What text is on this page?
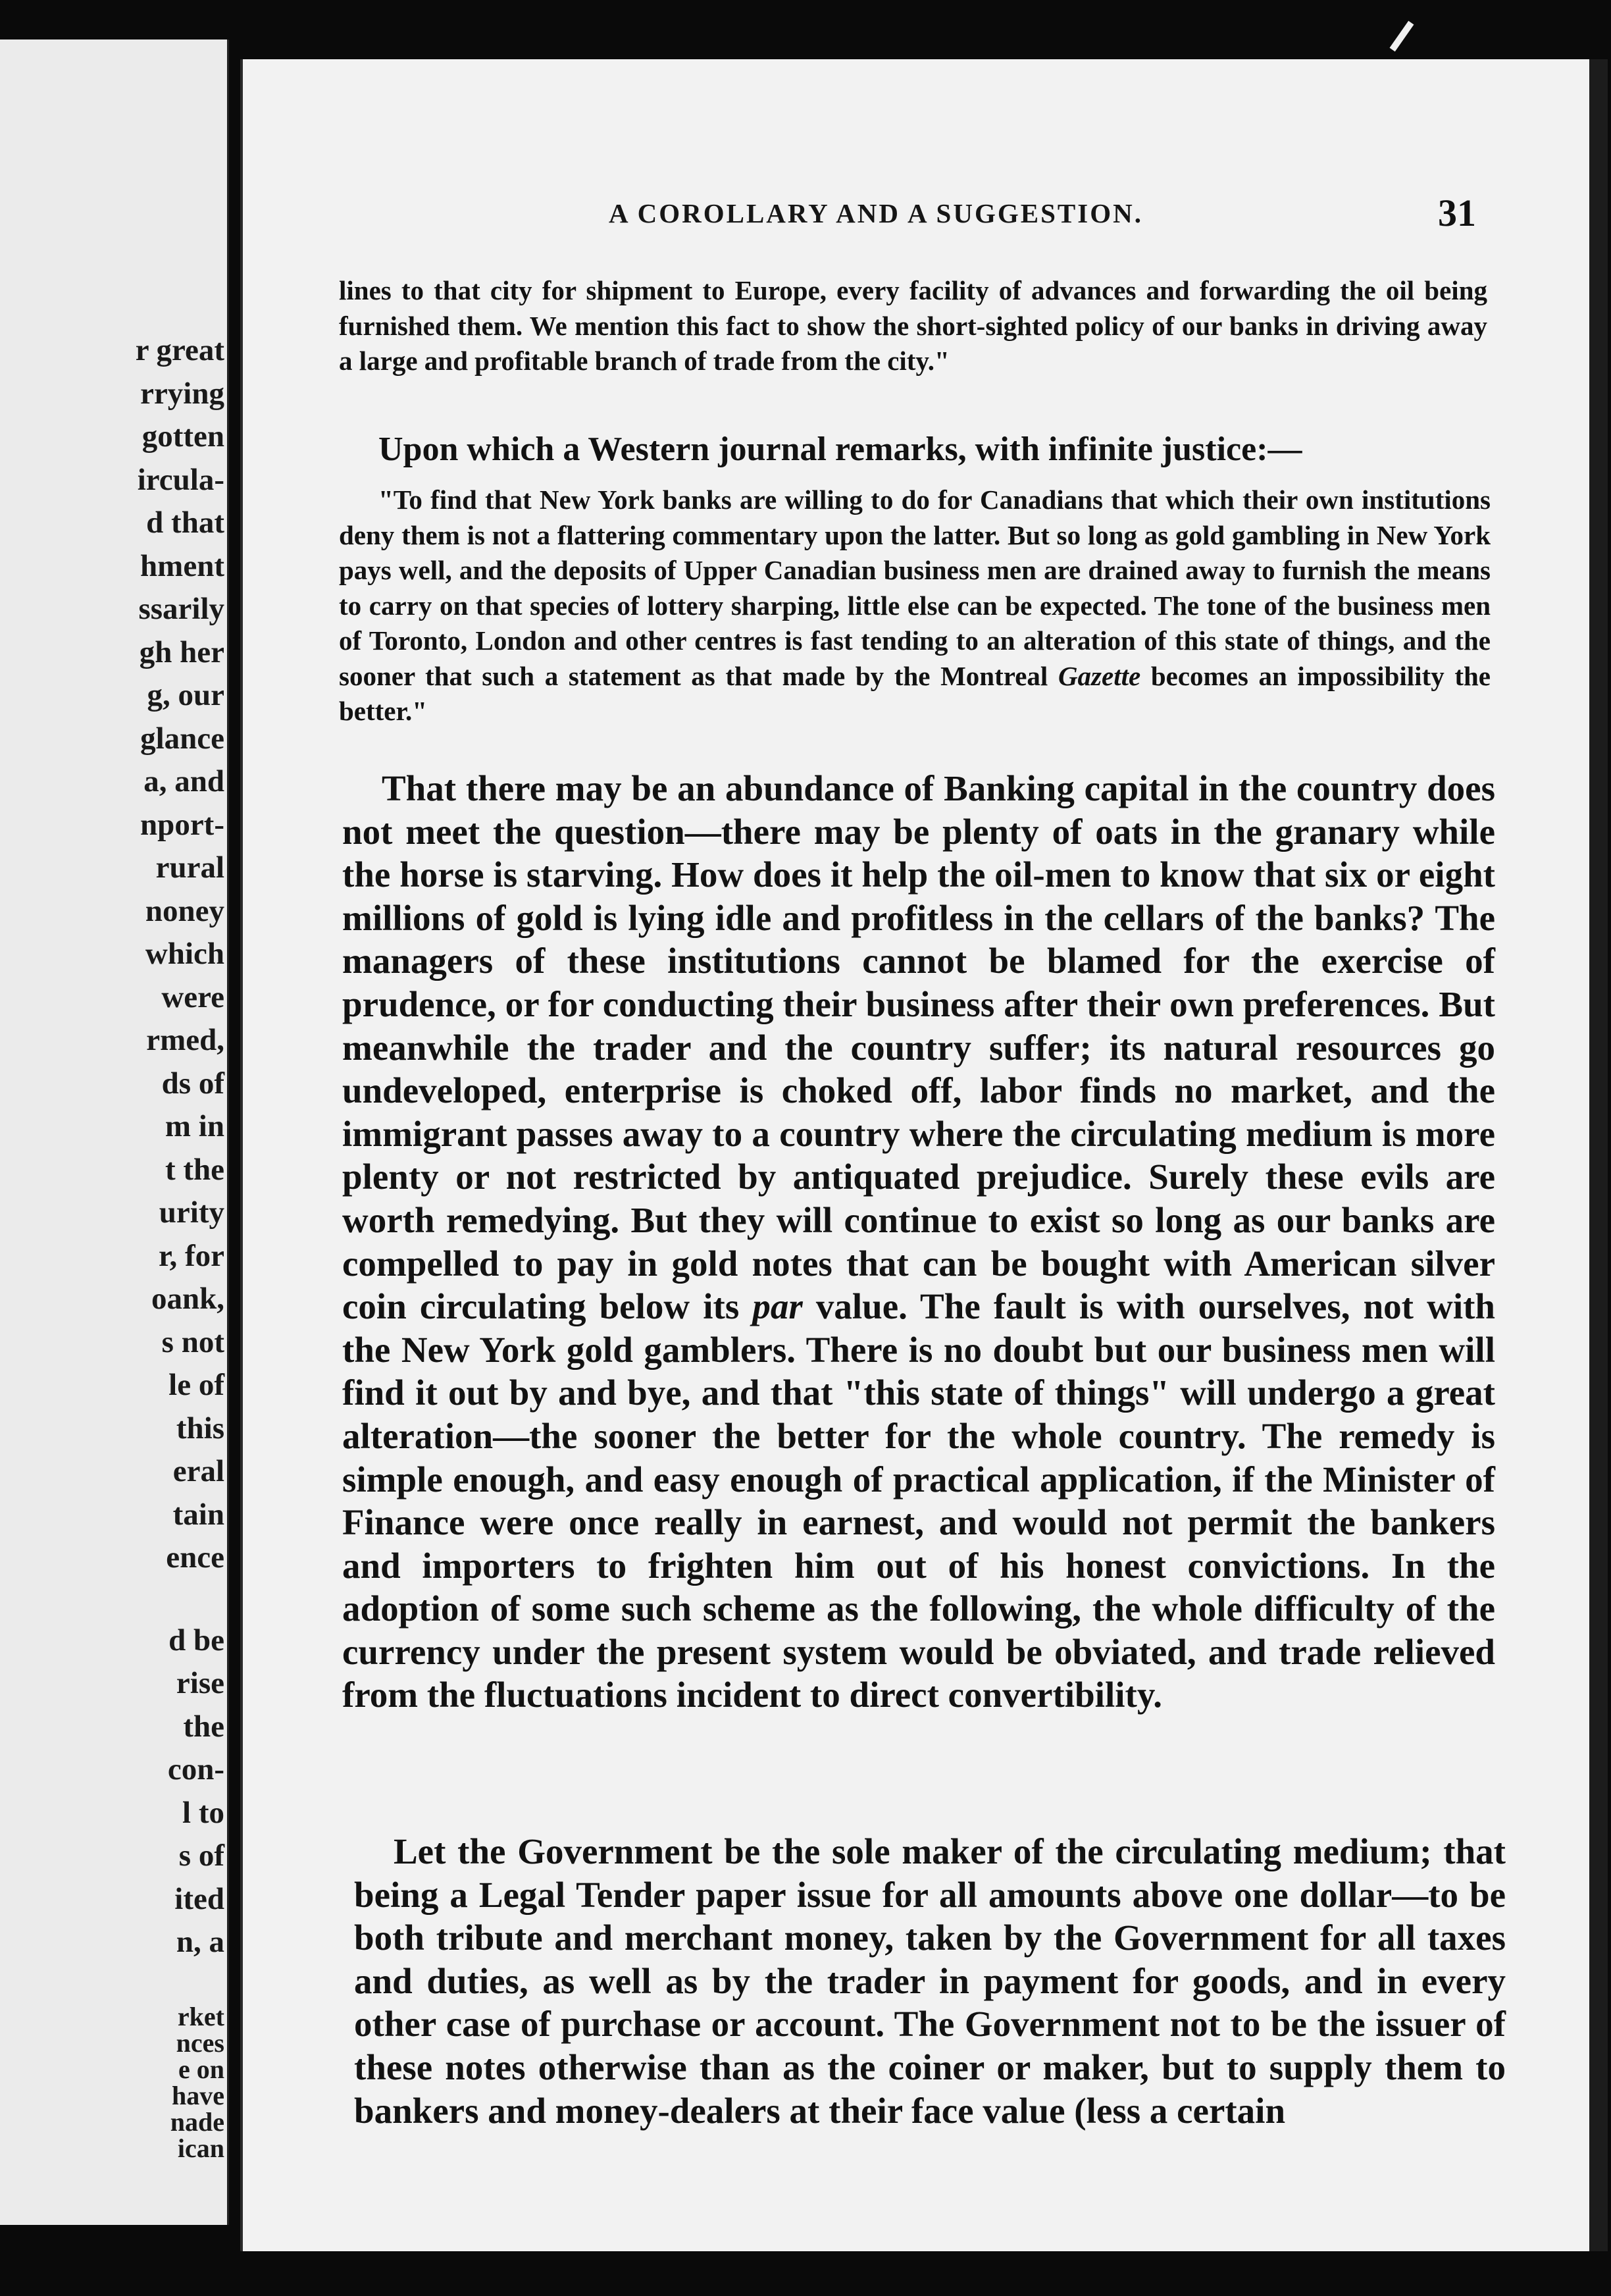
r great
rrying
gotten
ircula-
d that
hment
ssarily
gh her
g, our
glance
a, and
nport-
rural
noney
which
were
rmed,
ds of
m in
t the
urity
r, for
oank,
s not
le of
this
eral
tain
ence
d be
rise
the
con-
l to
s of
ited
n, a
rket
nces
e on
have
nade
ican
A COROLLARY AND A SUGGESTION.	31

lines to that city for shipment to Europe, every facility of advances and forwarding the oil being furnished them. We mention this fact to show the short-sighted policy of our banks in driving away a large and profitable branch of trade from the city."

Upon which a Western journal remarks, with infinite justice:—

"To find that New York banks are willing to do for Canadians that which their own institutions deny them is not a flattering commentary upon the latter. But so long as gold gambling in New York pays well, and the deposits of Upper Canadian business men are drained away to furnish the means to carry on that species of lottery sharping, little else can be expected. The tone of the business men of Toronto, London and other centres is fast tending to an alteration of this state of things, and the sooner that such a statement as that made by the Montreal Gazette becomes an impossibility the better."

That there may be an abundance of Banking capital in the country does not meet the question—there may be plenty of oats in the granary while the horse is starving. How does it help the oil-men to know that six or eight millions of gold is lying idle and profitless in the cellars of the banks? The managers of these institutions cannot be blamed for the exercise of prudence, or for conducting their business after their own preferences. But meanwhile the trader and the country suffer; its natural resources go undeveloped, enterprise is choked off, labor finds no market, and the immigrant passes away to a country where the circulating medium is more plenty or not restricted by antiquated prejudice. Surely these evils are worth remedying. But they will continue to exist so long as our banks are compelled to pay in gold notes that can be bought with American silver coin circulating below its par value. The fault is with ourselves, not with the New York gold gamblers. There is no doubt but our business men will find it out by and bye, and that "this state of things" will undergo a great alteration—the sooner the better for the whole country. The remedy is simple enough, and easy enough of practical application, if the Minister of Finance were once really in earnest, and would not permit the bankers and importers to frighten him out of his honest convictions. In the adoption of some such scheme as the following, the whole difficulty of the currency under the present system would be obviated, and trade relieved from the fluctuations incident to direct convertibility.

Let the Government be the sole maker of the circulating medium; that being a Legal Tender paper issue for all amounts above one dollar—to be both tribute and merchant money, taken by the Government for all taxes and duties, as well as by the trader in payment for goods, and in every other case of purchase or account. The Government not to be the issuer of these notes otherwise than as the coiner or maker, but to supply them to bankers and money-dealers at their face value (less a certain
